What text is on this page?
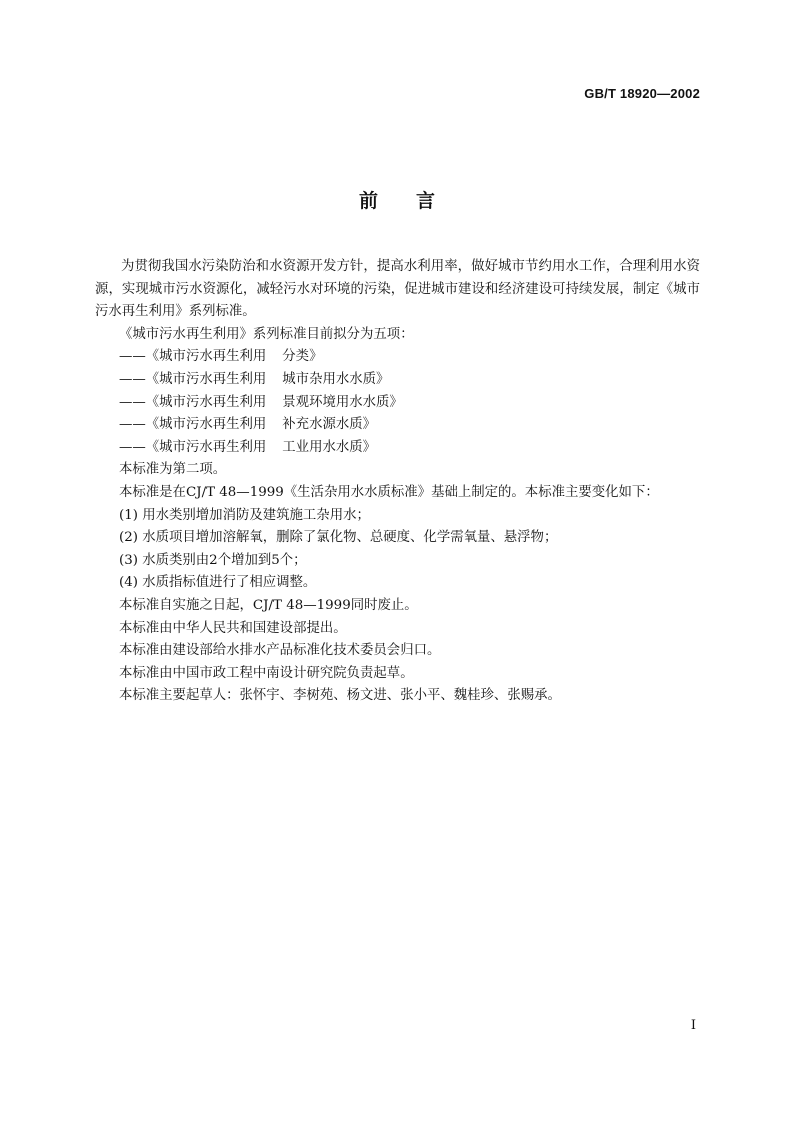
GB/T 18920—2002
前言

为贯彻我国水污染防治和水资源开发方针，提高水利用率，做好城市节约用水工作，合理利用水资源，实现城市污水资源化，减轻污水对环境的污染，促进城市建设和经济建设可持续发展，制定《城市污水再生利用》系列标准。

《城市污水再生利用》系列标准目前拟分为五项：

——《城市污水再生利用 分类》

——《城市污水再生利用 城市杂用水水质》

——《城市污水再生利用 景观环境用水水质》

——《城市污水再生利用 补充水源水质》

——《城市污水再生利用 工业用水水质》

本标准为第二项。

本标准是在CJ/T 48—1999《生活杂用水水质标准》基础上制定的。本标准主要变化如下：

(1) 用水类别增加消防及建筑施工杂用水；

(2) 水质项目增加溶解氧，删除了氯化物、总硬度、化学需氧量、悬浮物；

(3) 水质类别由2个增加到5个；

(4) 水质指标值进行了相应调整。

本标准自实施之日起，CJ/T 48—1999同时废止。

本标准由中华人民共和国建设部提出。

本标准由建设部给水排水产品标准化技术委员会归口。

本标准由中国市政工程中南设计研究院负责起草。

本标准主要起草人：张怀宇、李树苑、杨文进、张小平、魏桂珍、张赐承。

I
